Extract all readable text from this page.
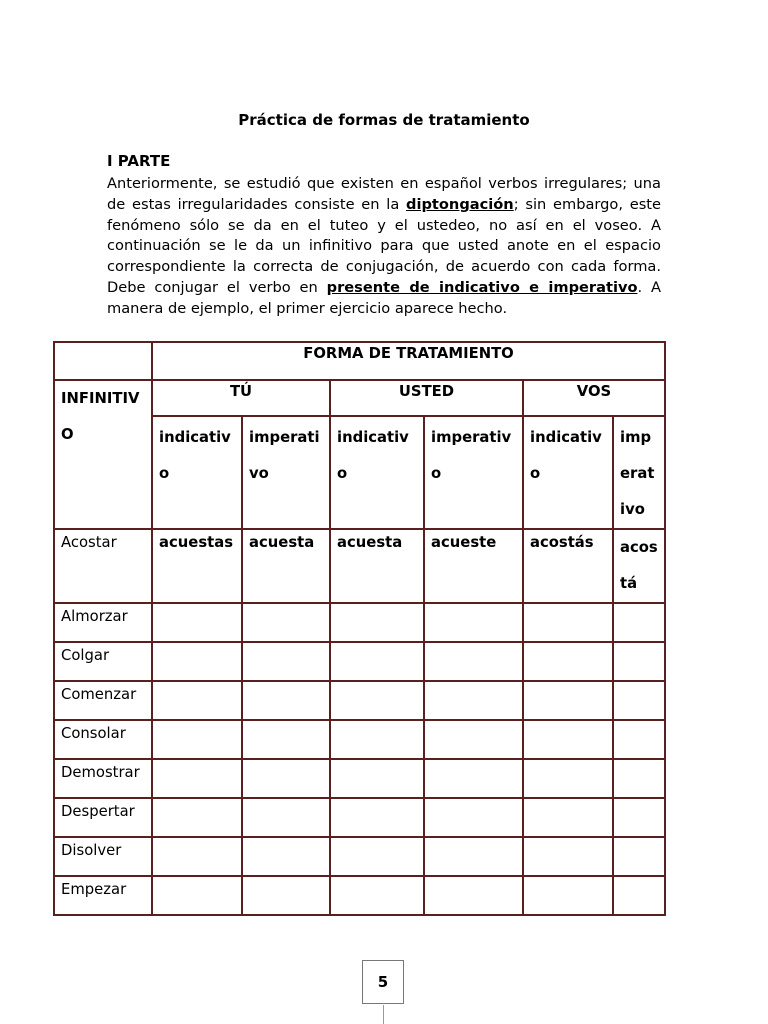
Práctica de formas de tratamiento
I PARTE
Anteriormente, se estudió que existen en español verbos irregulares; una de estas irregularidades consiste en la diptongación; sin embargo, este fenómeno sólo se da en el tuteo y el ustedeo, no así en el voseo. A continuación se le da un infinitivo para que usted anote en el espacio correspondiente la correcta de conjugación, de acuerdo con cada forma. Debe conjugar el verbo en presente de indicativo e imperativo. A manera de ejemplo, el primer ejercicio aparece hecho.
	FORMA DE TRATAMIENTO					
INFINITIVO	TÚ		USTED		VOS	
	indicativo	imperativo	indicativo	imperativo	indicativo	imperativo
Acostar	acuestas	acuesta	acuesta	acueste	acostás	acostá
Almorzar						
Colgar						
Comenzar						
Consolar						
Demostrar						
Despertar						
Disolver						
Empezar						
5
